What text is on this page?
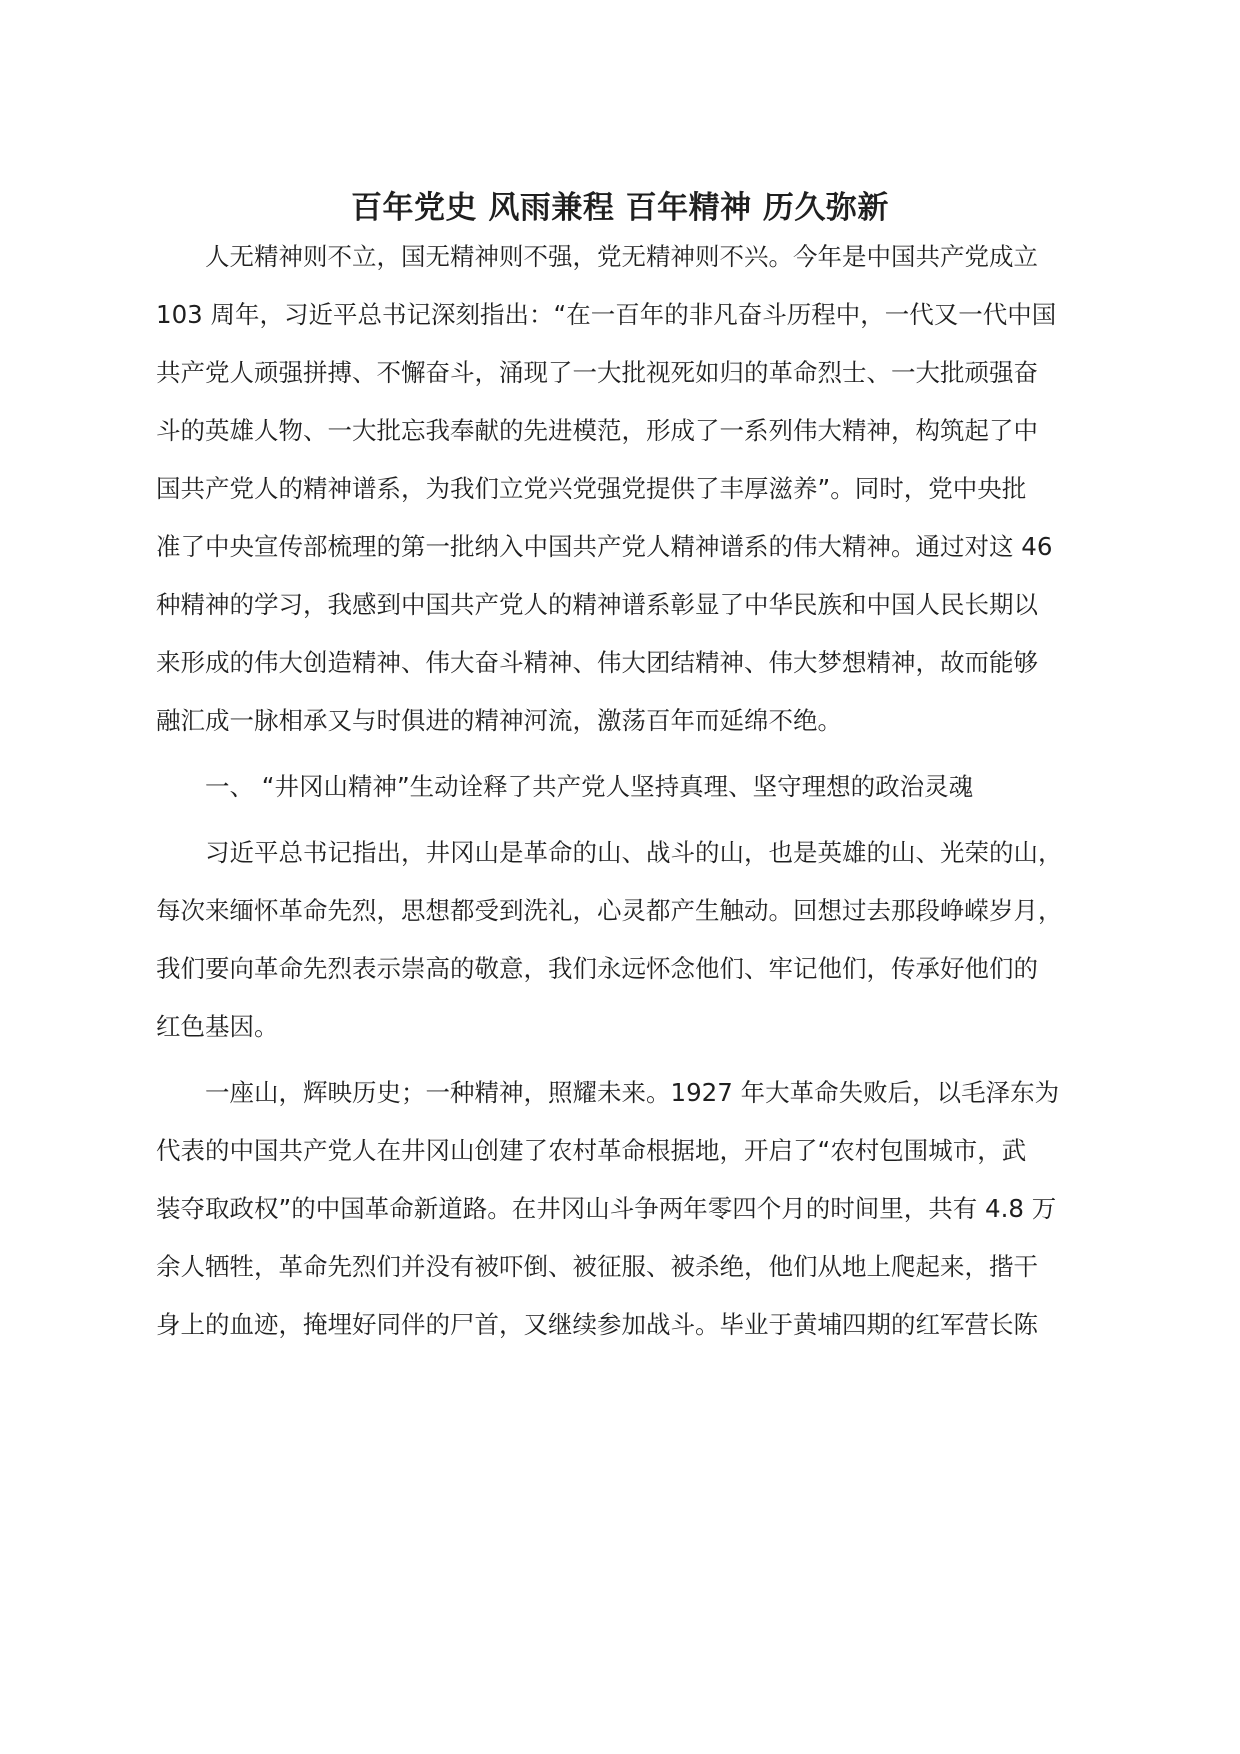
百年党史 风雨兼程 百年精神 历久弥新

人无精神则不立，国无精神则不强，党无精神则不兴。今年是中国共产党成立

103 周年，习近平总书记深刻指出：“在一百年的非凡奋斗历程中，一代又一代中国

共产党人顽强拼搏、不懈奋斗，涌现了一大批视死如归的革命烈士、一大批顽强奋

斗的英雄人物、一大批忘我奉献的先进模范，形成了一系列伟大精神，构筑起了中

国共产党人的精神谱系，为我们立党兴党强党提供了丰厚滋养”。同时，党中央批

准了中央宣传部梳理的第一批纳入中国共产党人精神谱系的伟大精神。通过对这 46

种精神的学习，我感到中国共产党人的精神谱系彰显了中华民族和中国人民长期以

来形成的伟大创造精神、伟大奋斗精神、伟大团结精神、伟大梦想精神，故而能够

融汇成一脉相承又与时俱进的精神河流，激荡百年而延绵不绝。

一、 “井冈山精神”生动诠释了共产党人坚持真理、坚守理想的政治灵魂

习近平总书记指出，井冈山是革命的山、战斗的山，也是英雄的山、光荣的山，

每次来缅怀革命先烈，思想都受到洗礼，心灵都产生触动。回想过去那段峥嵘岁月，

我们要向革命先烈表示崇高的敬意，我们永远怀念他们、牢记他们，传承好他们的

红色基因。

一座山，辉映历史；一种精神，照耀未来。1927 年大革命失败后，以毛泽东为

代表的中国共产党人在井冈山创建了农村革命根据地，开启了“农村包围城市，武

装夺取政权”的中国革命新道路。在井冈山斗争两年零四个月的时间里，共有 4.8 万

余人牺牲，革命先烈们并没有被吓倒、被征服、被杀绝，他们从地上爬起来，揩干

身上的血迹，掩埋好同伴的尸首，又继续参加战斗。毕业于黄埔四期的红军营长陈
